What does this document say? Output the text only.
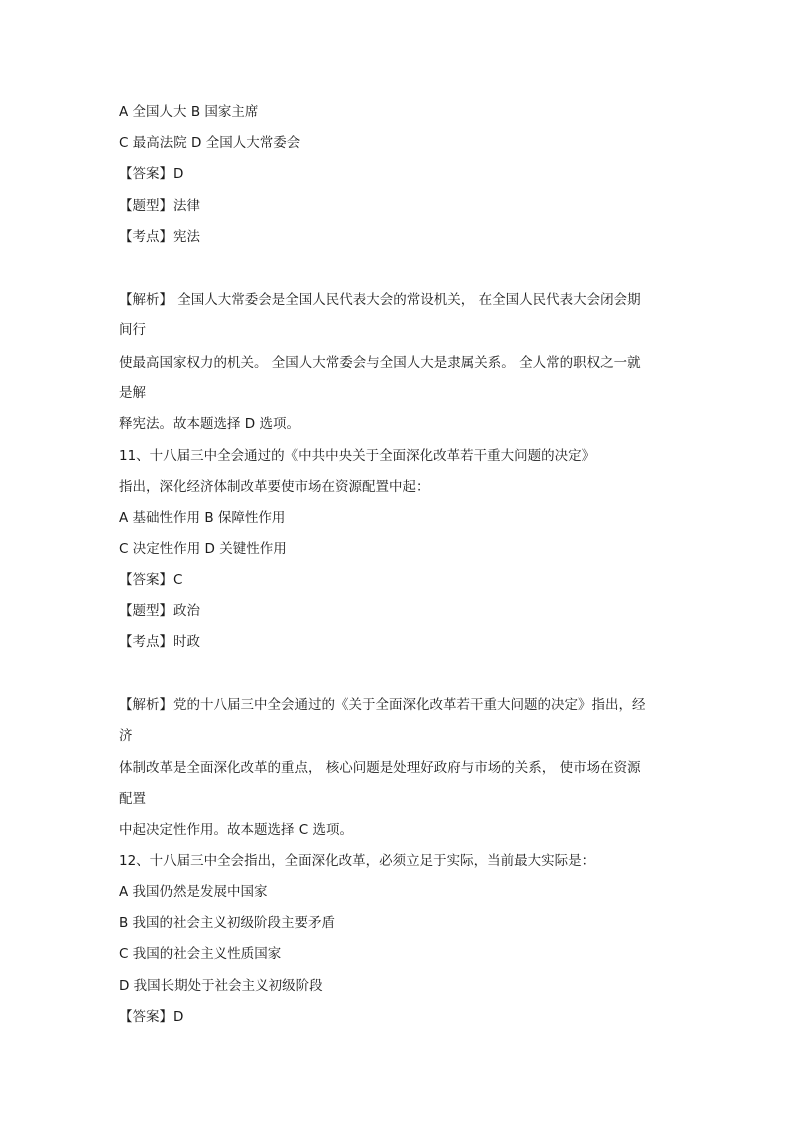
A 全国人大 B 国家主席

C 最高法院 D 全国人大常委会

【答案】D

【题型】法律

【考点】宪法

【解析】 全国人大常委会是全国人民代表大会的常设机关， 在全国人民代表大会闭会期

间行

使最高国家权力的机关。 全国人大常委会与全国人大是隶属关系。 全人常的职权之一就

是解

释宪法。故本题选择 D 选项。

11、十八届三中全会通过的《中共中央关于全面深化改革若干重大问题的决定》

指出，深化经济体制改革要使市场在资源配置中起：

A 基础性作用 B 保障性作用

C 决定性作用 D 关键性作用

【答案】C

【题型】政治

【考点】时政

【解析】党的十八届三中全会通过的《关于全面深化改革若干重大问题的决定》指出，经

济

体制改革是全面深化改革的重点， 核心问题是处理好政府与市场的关系， 使市场在资源

配置

中起决定性作用。故本题选择 C 选项。

12、十八届三中全会指出，全面深化改革，必须立足于实际，当前最大实际是：

A 我国仍然是发展中国家

B 我国的社会主义初级阶段主要矛盾

C 我国的社会主义性质国家

D 我国长期处于社会主义初级阶段

【答案】D
